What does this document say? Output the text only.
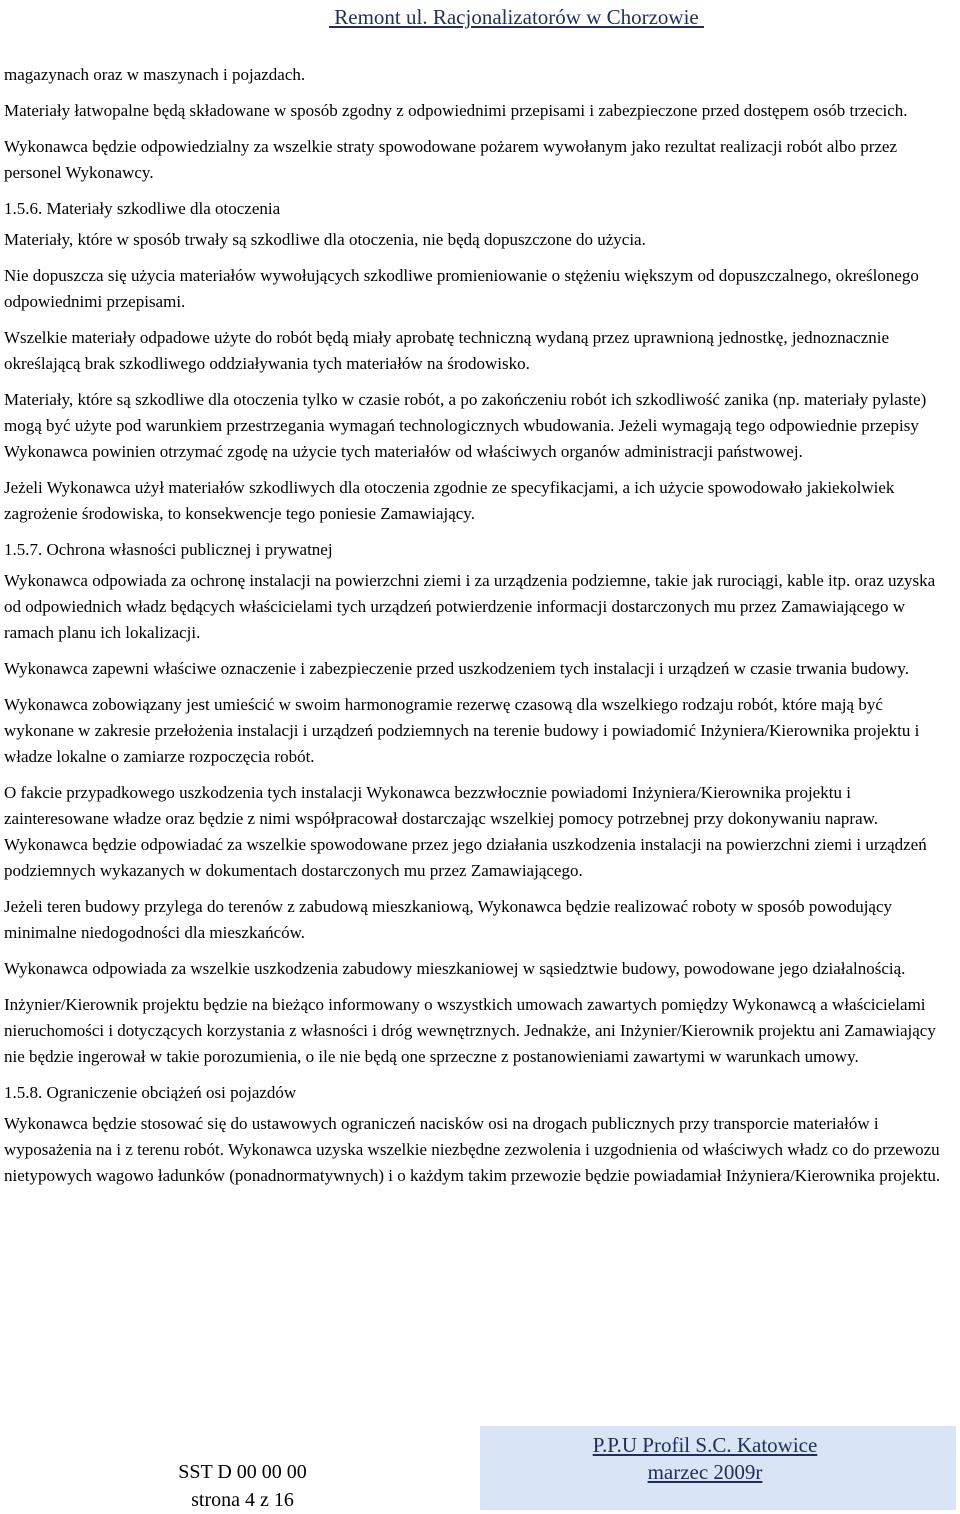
Remont ul. Racjonalizatorów w Chorzowie

magazynach oraz w maszynach i pojazdach.

Materiały łatwopalne będą składowane w sposób zgodny z odpowiednimi przepisami i zabezpieczone przed dostępem osób trzecich.

Wykonawca będzie odpowiedzialny za wszelkie straty spowodowane pożarem wywołanym jako rezultat realizacji robót albo przez personel Wykonawcy.

1.5.6. Materiały szkodliwe dla otoczenia

Materiały, które w sposób trwały są szkodliwe dla otoczenia, nie będą dopuszczone do użycia.

Nie dopuszcza się użycia materiałów wywołujących szkodliwe promieniowanie o stężeniu większym od dopuszczalnego, określonego odpowiednimi przepisami.

Wszelkie materiały odpadowe użyte do robót będą miały aprobatę techniczną wydaną przez uprawnioną jednostkę, jednoznacznie określającą brak szkodliwego oddziaływania tych materiałów na środowisko.

Materiały, które są szkodliwe dla otoczenia tylko w czasie robót, a po zakończeniu robót ich szkodliwość zanika (np. materiały pylaste) mogą być użyte pod warunkiem przestrzegania wymagań technologicznych wbudowania. Jeżeli wymagają tego odpowiednie przepisy Wykonawca powinien otrzymać zgodę na użycie tych materiałów od właściwych organów administracji państwowej.

Jeżeli Wykonawca użył materiałów szkodliwych dla otoczenia zgodnie ze specyfikacjami, a ich użycie spowodowało jakiekolwiek zagrożenie środowiska, to konsekwencje tego poniesie Zamawiający.

1.5.7. Ochrona własności publicznej i prywatnej

Wykonawca odpowiada za ochronę instalacji na powierzchni ziemi i za urządzenia podziemne, takie jak rurociągi, kable itp. oraz uzyska od odpowiednich władz będących właścicielami tych urządzeń potwierdzenie informacji dostarczonych mu przez Zamawiającego w ramach planu ich lokalizacji.

Wykonawca zapewni właściwe oznaczenie i zabezpieczenie przed uszkodzeniem tych instalacji i urządzeń w czasie trwania budowy.

Wykonawca zobowiązany jest umieścić w swoim harmonogramie rezerwę czasową dla wszelkiego rodzaju robót, które mają być wykonane w zakresie przełożenia instalacji i urządzeń podziemnych na terenie budowy i powiadomić Inżyniera/Kierownika projektu i władze lokalne o zamiarze rozpoczęcia robót.

O fakcie przypadkowego uszkodzenia tych instalacji Wykonawca bezzwłocznie powiadomi Inżyniera/Kierownika projektu i zainteresowane władze oraz będzie z nimi współpracował dostarczając wszelkiej pomocy potrzebnej przy dokonywaniu napraw. Wykonawca będzie odpowiadać za wszelkie spowodowane przez jego działania uszkodzenia instalacji na powierzchni ziemi i urządzeń podziemnych wykazanych w dokumentach dostarczonych mu przez Zamawiającego.

Jeżeli teren budowy przylega do terenów z zabudową mieszkaniową, Wykonawca będzie realizować roboty w sposób powodujący minimalne niedogodności dla mieszkańców.

Wykonawca odpowiada za wszelkie uszkodzenia zabudowy mieszkaniowej w sąsiedztwie budowy, powodowane jego działalnością.

Inżynier/Kierownik projektu będzie na bieżąco informowany o wszystkich umowach zawartych pomiędzy Wykonawcą a właścicielami nieruchomości i dotyczących korzystania z własności i dróg wewnętrznych. Jednakże, ani Inżynier/Kierownik projektu ani Zamawiający nie będzie ingerował w takie porozumienia, o ile nie będą one sprzeczne z postanowieniami zawartymi w warunkach umowy.

1.5.8. Ograniczenie obciążeń osi pojazdów

Wykonawca będzie stosować się do ustawowych ograniczeń nacisków osi na drogach publicznych przy transporcie materiałów i wyposażenia na i z terenu robót. Wykonawca uzyska wszelkie niezbędne zezwolenia i uzgodnienia od właściwych władz co do przewozu nietypowych wagowo ładunków (ponadnormatywnych) i o każdym takim przewozie będzie powiadamiał Inżyniera/Kierownika projektu.

SST D 00 00 00
strona 4 z 16
P.P.U Profil S.C. Katowice
marzec 2009r
